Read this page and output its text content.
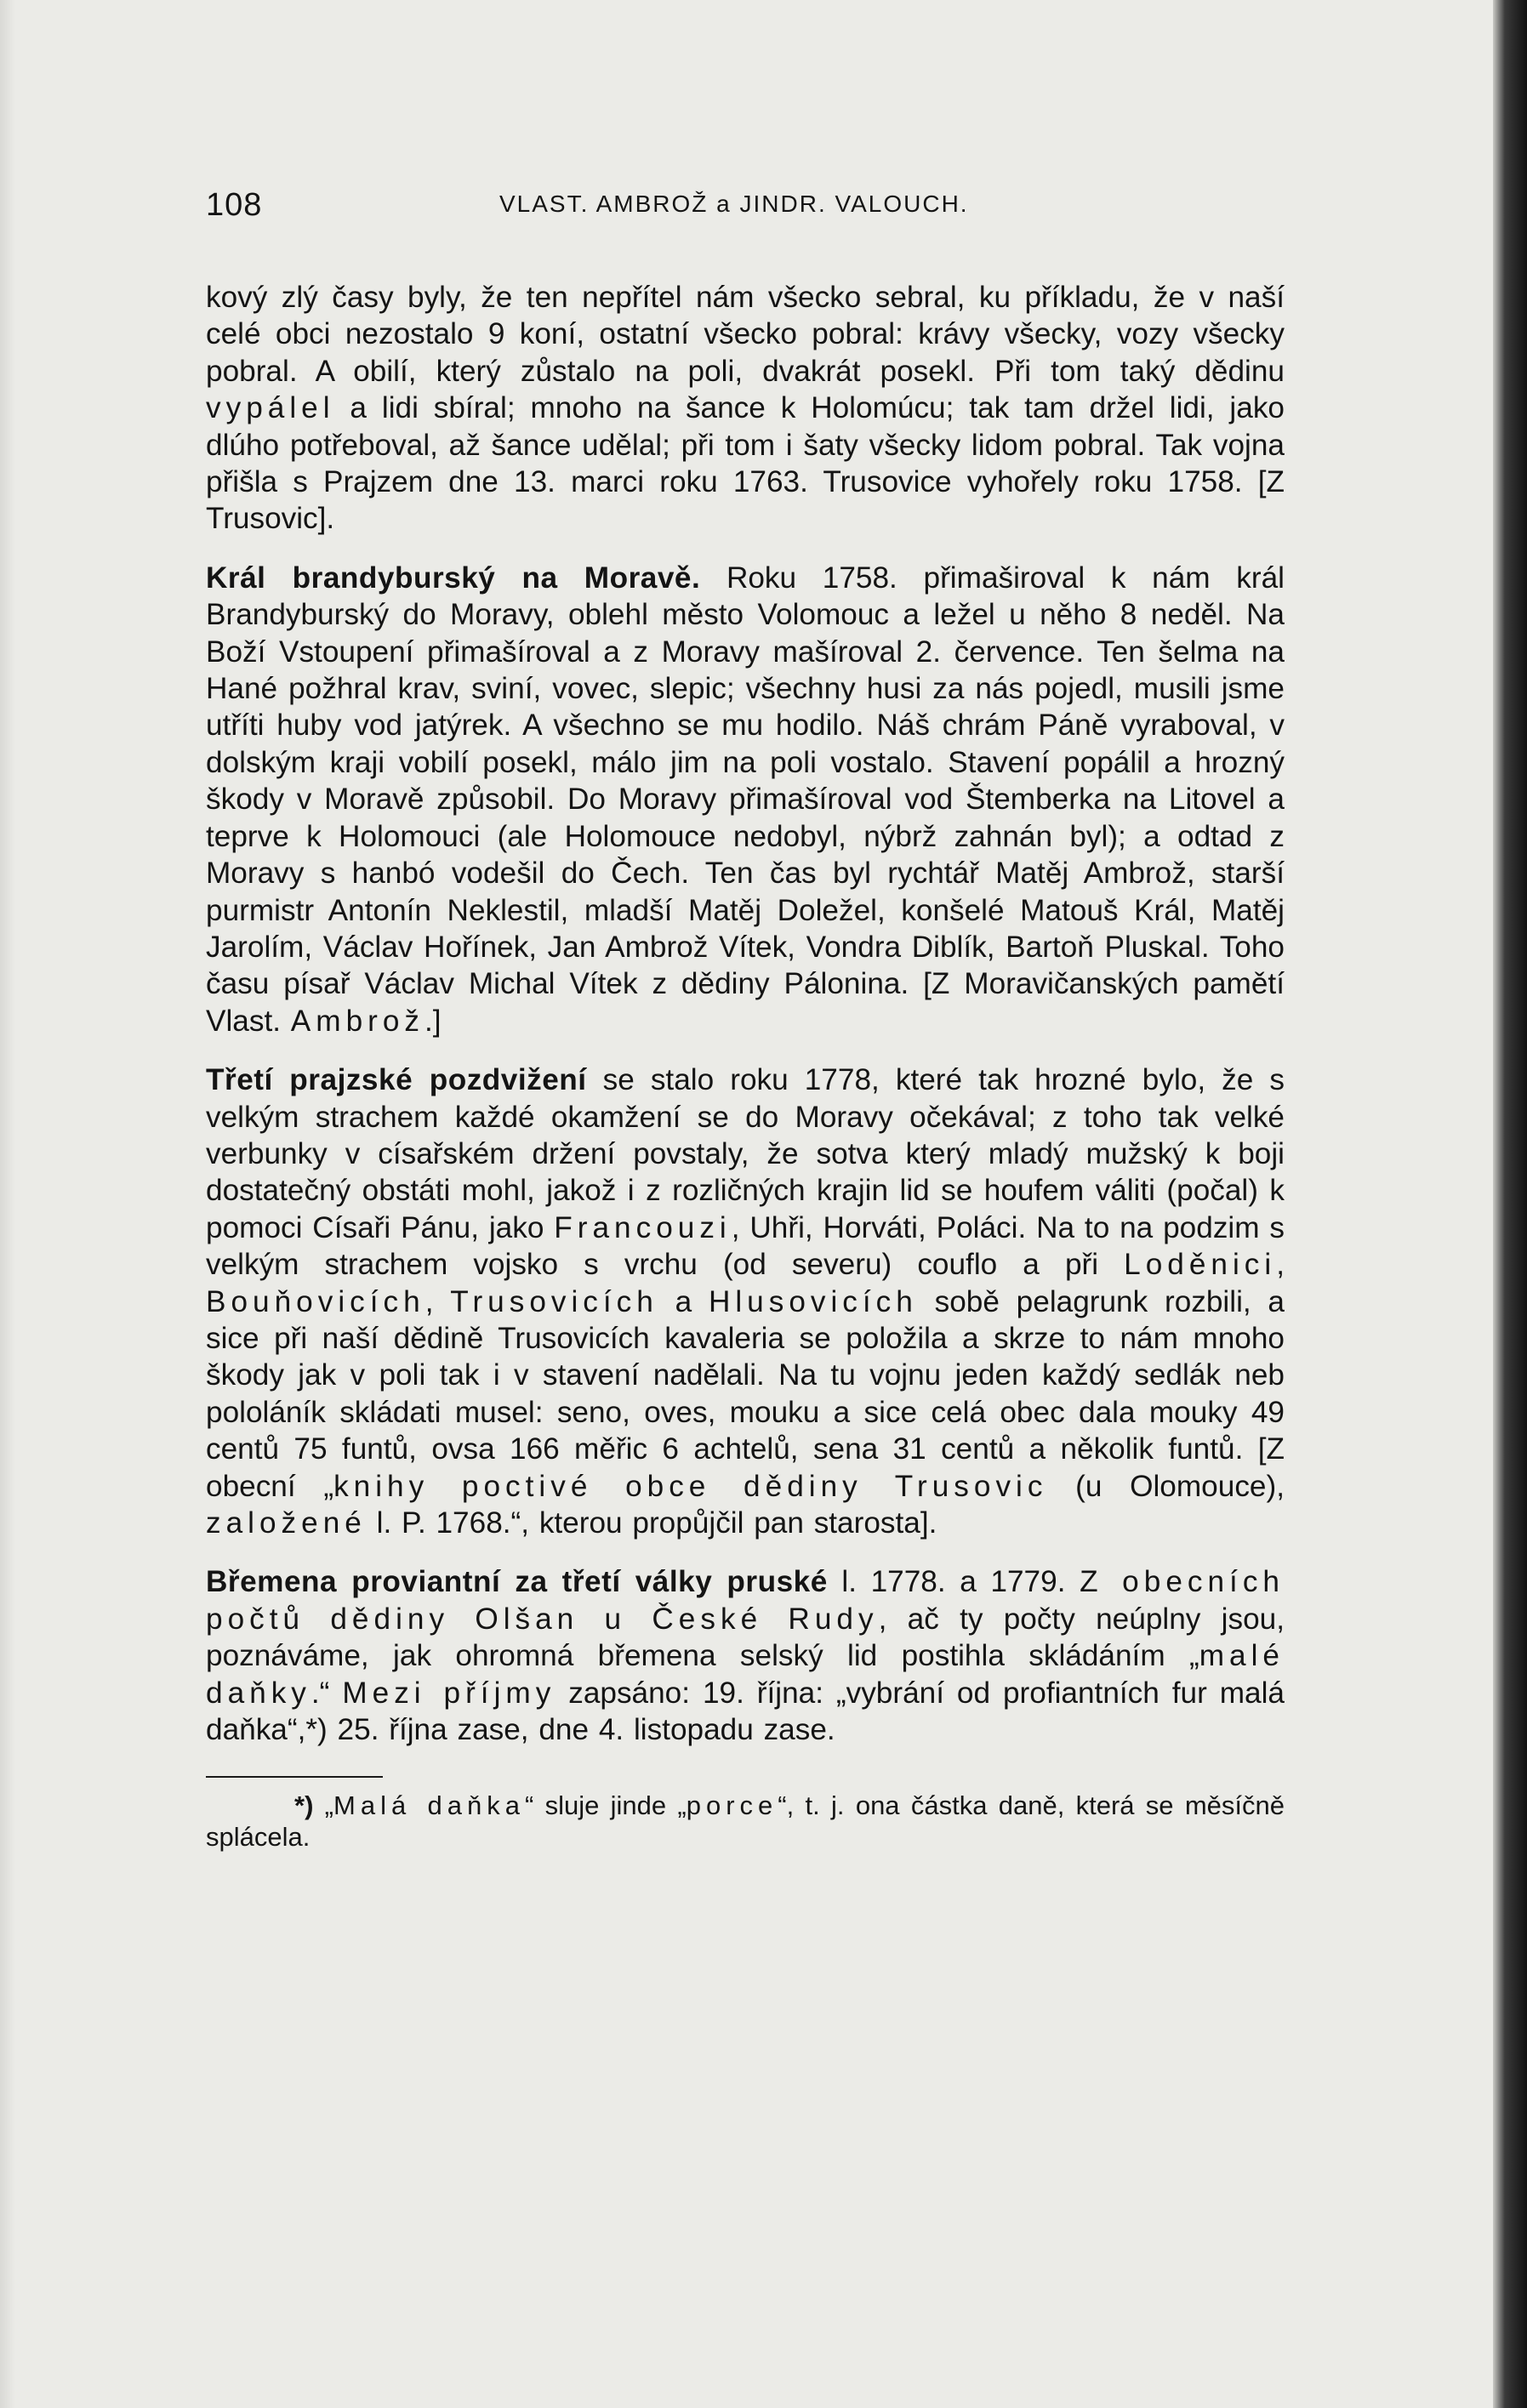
108	VLAST. AMBROŽ a JINDR. VALOUCH.

kový zlý časy byly, že ten nepřítel nám všecko sebral, ku příkladu, že v naší celé obci nezostalo 9 koní, ostatní všecko pobral: krávy všecky, vozy všecky pobral. A obilí, který zůstalo na poli, dvakrát posekl. Při tom taký dědinu vypálel a lidi sbíral; mnoho na šance k Holomúcu; tak tam držel lidi, jako dlúho potřeboval, až šance udělal; při tom i šaty všecky lidom pobral. Tak vojna přišla s Prajzem dne 13. marci roku 1763. Trusovice vyhořely roku 1758. [Z Trusovic].

Král brandyburský na Moravě. Roku 1758. přimaširoval k nám král Brandyburský do Moravy, oblehl město Volomouc a ležel u něho 8 neděl. Na Boží Vstoupení přimašíroval a z Moravy mašíroval 2. července. Ten šelma na Hané požhral krav, sviní, vovec, slepic; všechny husi za nás pojedl, musili jsme utříti huby vod jatýrek. A všechno se mu hodilo. Náš chrám Páně vyraboval, v dolským kraji vobilí posekl, málo jim na poli vostalo. Stavení popálil a hrozný škody v Moravě způsobil. Do Moravy přimašíroval vod Štemberka na Litovel a teprve k Holomouci (ale Holomouce nedobyl, nýbrž zahnán byl); a odtad z Moravy s hanbó vodešil do Čech. Ten čas byl rychtář Matěj Ambrož, starší purmistr Antonín Neklestil, mladší Matěj Doležel, konšelé Matouš Král, Matěj Jarolím, Václav Hořínek, Jan Ambrož Vítek, Vondra Diblík, Bartoň Pluskal. Toho času písař Václav Michal Vítek z dědiny Pálonina. [Z Moravičanských pamětí Vlast. Ambrož.]

Třetí prajzské pozdvižení se stalo roku 1778, které tak hrozné bylo, že s velkým strachem každé okamžení se do Moravy očekával; z toho tak velké verbunky v císařském držení povstaly, že sotva který mladý mužský k boji dostatečný obstáti mohl, jakož i z rozličných krajin lid se houfem váliti (počal) k pomoci Císaři Pánu, jako Francouzi, Uhři, Horváti, Poláci. Na to na podzim s velkým strachem vojsko s vrchu (od severu) couflo a při Loděnici, Bouňovicích, Trusovicích a Hlusovicích sobě pelagrunk rozbili, a sice při naší dědině Trusovicích kavaleria se položila a skrze to nám mnoho škody jak v poli tak i v stavení nadělali. Na tu vojnu jeden každý sedlák neb pololáník skládati musel: seno, oves, mouku a sice celá obec dala mouky 49 centů 75 funtů, ovsa 166 měřic 6 achtelů, sena 31 centů a několik funtů. [Z obecní „knihy poctivé obce dědiny Trusovic (u Olomouce), založené l. P. 1768.“, kterou propůjčil pan starosta].

Břemena proviantní za třetí války pruské l. 1778. a 1779. Z obecních počtů dědiny Olšan u České Rudy, ač ty počty neúplny jsou, poznáváme, jak ohromná břemena selský lid postihla skládáním „malé daňky.“ Mezi příjmy zapsáno: 19. října: „vybrání od profiantních fur malá daňka“,*) 25. října zase, dne 4. listopadu zase.

*) „Malá daňka“ sluje jinde „porce“, t. j. ona částka daně, která se měsíčně splácela.
